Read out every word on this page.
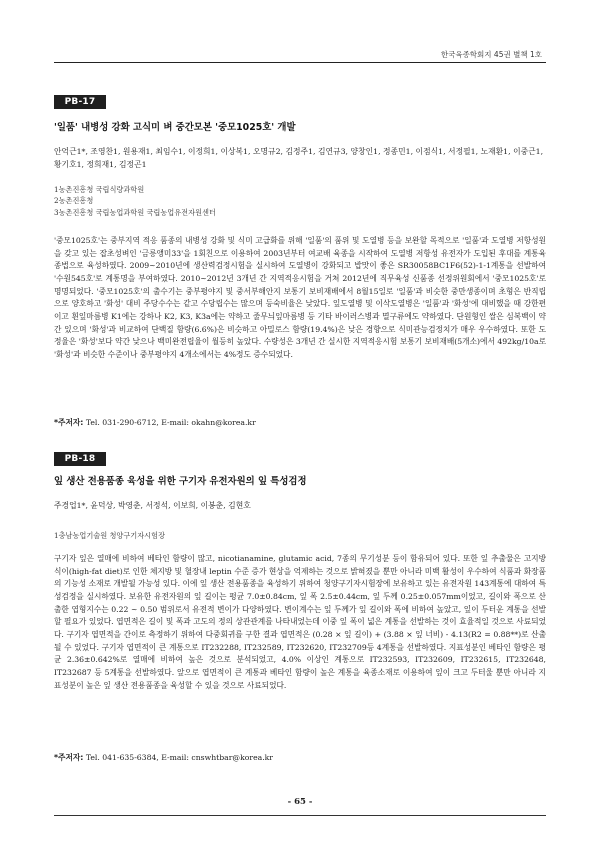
한국육종학회지 45권 별책 1호
PB-17
'일품' 내병성 강화 고식미 벼 중간모본 '중모1025호' 개발
안억근1*, 조영찬1, 원용재1, 최임수1, 이정희1, 이상복1, 오명규2, 김정주1, 김연규3, 양창인1, 정종민1, 이점식1, 서정필1, 노재환1, 이중근1, 황기호1, 정희재1, 김정곤1
1농촌진흥청 국립식량과학원
2농촌진흥청
3농촌진흥청 국립농업과학원 국립농업유전자원센터

'중모1025호'는 중부지역 적응 품종의 내병성 강화 및 식미 고급화를 위해 '일품'의 품위 및 도열병 등을 보완할 목적으로 '일품'과 도열병 저항성원을 갖고 있는 잡초성벼인 '금릉앵미33'을 1회친으로 이용하여 2003년부터 여교배 육종을 시작하여 도열병 저항성 유전자가 도입된 후대를 계통육종법으로 육성하였다. 2009~2010년에 생산력검정시험을 실시하여 도열병이 강화되고 밥맛이 좋은 SR30058BC1F6(52)-1-1계통을 선발하여 '수원545호'로 계통명을 부여하였다. 2010~2012년 3개년 간 지역적응시험을 거쳐 2012년에 직무육성 신품종 선정위원회에서 '중모1025호'로 명명되었다. '중모1025호'의 출수기는 중부평야지 및 중서부해안지 보통기 보비재배에서 8월15일로 '일품'과 비슷한 중만생종이며 초형은 반직립으로 양호하고 '화성' 대비 주당수수는 같고 수당립수는 많으며 등숙비율은 낮았다. 잎도열병 및 이삭도열병은 '일품'과 '화성'에 대비했을 때 강한편이고 흰잎마름병 K1에는 강하나 K2, K3, K3a에는 약하고 줄무늬잎마름병 등 기타 바이러스병과 멸구류에도 약하였다. 단원형인 쌀은 심복백이 약간 있으며 '화성'과 비교하여 단백질 함량(6.6%)은 비슷하고 아밀로스 함량(19.4%)은 낮은 경향으로 식미관능검정치가 매우 우수하였다. 또한 도정율은 '화성'보다 약간 낮으나 백미완전립율이 월등히 높았다. 수량성은 3개년 간 실시한 지역적응시험 보통기 보비재배(5개소)에서 492kg/10a로 '화성'과 비슷한 수준이나 중부평야지 4개소에서는 4%정도 증수되었다.

*주저자: Tel. 031-290-6712, E-mail: okahn@korea.kr
PB-18
잎 생산 전용품종 육성을 위한 구기자 유전자원의 잎 특성검정
주경업1*, 윤덕상, 박영춘, 서정석, 이보희, 이봉춘, 김현호
1충남농업기술원 청양구기자시험장

구기자 잎은 열매에 비하여 베타인 함량이 많고, nicotianamine, glutamic acid, 7종의 무기성분 등이 함유되어 있다. 또한 잎 추출물은 고지방 식이(high-fat diet)로 인한 체지방 및 혈장내 leptin 수준 증가 현상을 억제하는 것으로 밝혀졌을 뿐만 아니라 미백 활성이 우수하여 식품과 화장품의 기능성 소재로 개발될 가능성 있다. 이에 잎 생산 전용품종을 육성하기 위하여 청양구기자시험장에 보유하고 있는 유전자원 143계통에 대하여 특성검정을 실시하였다. 보유한 유전자원의 잎 길이는 평균 7.0±0.84cm, 잎 폭 2.5±0.44cm, 잎 두께 0.25±0.057mm이었고, 길이와 폭으로 산출한 엽형지수는 0.22 ~ 0.50 범위로서 유전적 변이가 다양하였다. 변이계수는 잎 두께가 잎 길이와 폭에 비하여 높았고, 잎이 두터운 계통을 선발할 필요가 있었다. 엽면적은 길이 및 폭과 고도의 정의 상관관계를 나타내었는데 이중 잎 폭이 넓은 계통을 선발하는 것이 효율적일 것으로 사료되었다. 구기자 엽면적을 간이로 측정하기 위하여 다중회귀를 구한 결과 엽면적은 (0.28 × 잎 길이) + (3.88 × 잎 너비) - 4.13(R2 = 0.88**)로 산출될 수 있었다. 구기자 엽면적이 큰 계통으로 IT232288, IT232589, IT232620, IT232709등 4계통을 선발하였다. 지표성분인 베타인 함량은 평균 2.36±0.642%로 열매에 비하여 높은 것으로 분석되었고, 4.0% 이상인 계통으로 IT232593, IT232609, IT232615, IT232648, IT232687 등 5계통을 선발하였다. 앞으로 엽면적이 큰 계통과 베타인 함량이 높은 계통을 육종소재로 이용하여 잎이 크고 두터울 뿐만 아니라 지표성분이 높은 잎 생산 전용품종을 육성할 수 있을 것으로 사료되었다.

*주저자: Tel. 041-635-6384, E-mail: cnswhtbar@korea.kr
- 65 -
